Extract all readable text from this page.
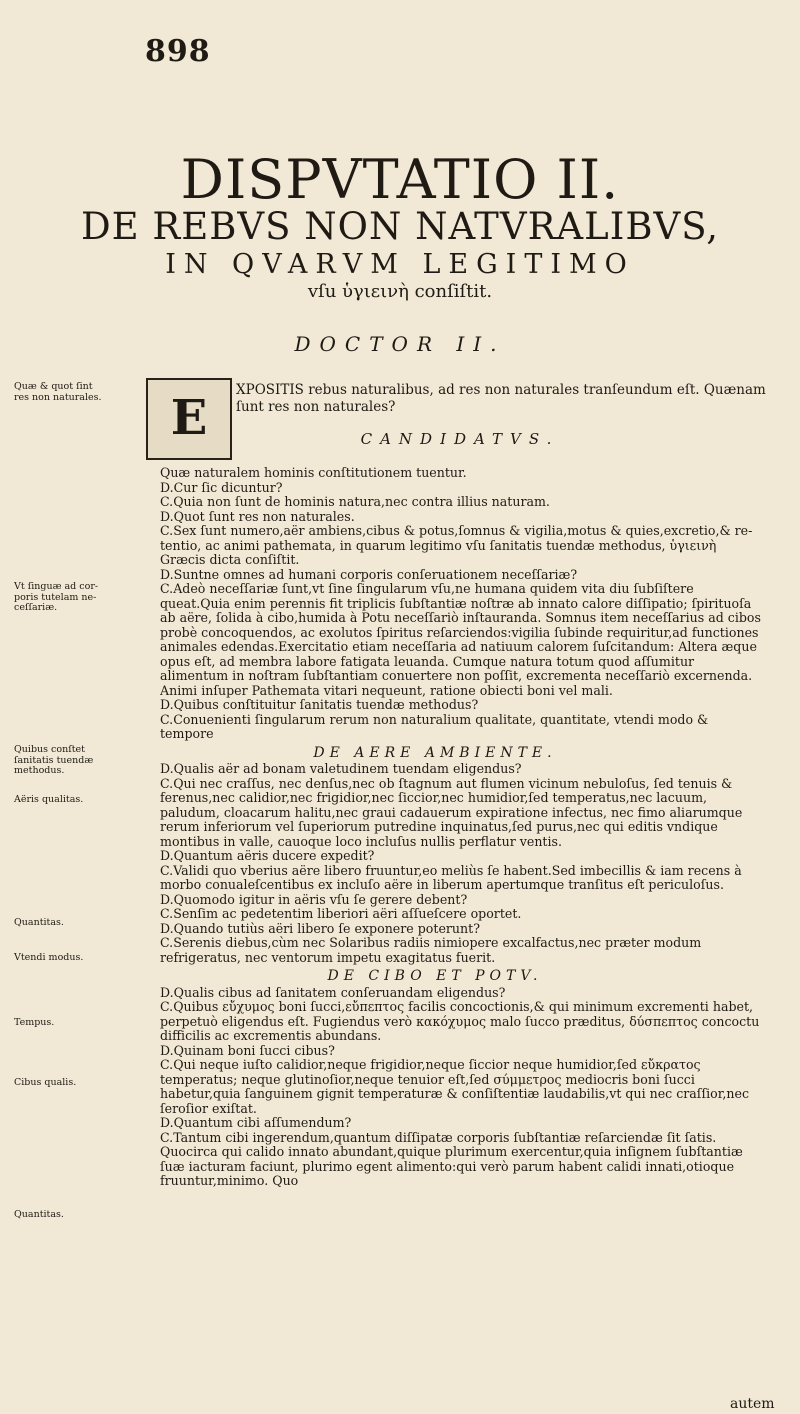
898
DISPVTATIO II.
DE REBVS NON NATVRALIBVS,
IN QVARVM LEGITIMO
vſu ὑγιεινὴ conſiſtit.
DOCTOR II.
E	XPOSITIS rebus naturalibus, ad res non naturales tranſeundum eſt. Quænam ſunt res non naturales?
CANDIDATVS.
Quæ & quot ſint res non naturales.
Vt ſinguæ ad corporis tutelam neceſſariæ.
Quibus conſtet ſanitatis tuendæ methodus.
Aëris qualitas.
Quantitas.
Vtendi modus.
Tempus.
Cibus qualis.
Quantitas.

Quæ naturalem hominis conſtitutionem tuentur.

D.Cur ſic dicuntur?

C.Quia non ſunt de hominis natura,nec contra illius naturam.

D.Quot ſunt res non naturales.

C.Sex ſunt numero,aër ambiens,cibus & potus,ſomnus & vigilia,motus & quies,excretio,& retentio, ac animi pathemata, in quarum legitimo vſu ſanitatis tuendæ methodus, ὑγιεινὴ Græcis dicta conſiſtit.

D.Suntne omnes ad humani corporis conſeruationem neceſſariæ?

C.Adeò neceſſariæ ſunt,vt ſine ſingularum vſu,ne humana quidem vita diu ſubſiſtere queat.Quia enim perennis fit triplicis ſubſtantiæ noſtræ ab innato calore diſſipatio; ſpirituoſa ab aëre, ſolida à cibo,humida à Potu neceſſariò inſtauranda. Somnus item neceſſarius ad cibos probè concoquendos, ac exolutos ſpiritus reſarciendos:vigilia ſubinde requiritur,ad functiones animales edendas.Exercitatio etiam neceſſaria ad natiuum calorem ſuſcitandum: Altera æque opus eſt, ad membra labore fatigata leuanda. Cumque natura totum quod aſſumitur alimentum in noſtram ſubſtantiam conuertere non poſſit, excrementa neceſſariò excernenda. Animi inſuper Pathemata vitari nequeunt, ratione obiecti boni vel mali.

D.Quibus conſtituitur ſanitatis tuendæ methodus?

C.Conuenienti ſingularum rerum non naturalium qualitate, quantitate, vtendi modo & tempore

DE AERE AMBIENTE.

D.Qualis aër ad bonam valetudinem tuendam eligendus?

C.Qui nec craſſus, nec denſus,nec ob ſtagnum aut flumen vicinum nebuloſus, ſed tenuis & ferenus,nec calidior,nec frigidior,nec ſiccior,nec humidior,ſed temperatus,nec lacuum, paludum, cloacarum halitu,nec graui cadauerum expiratione infectus, nec fimo aliarumque rerum inferiorum vel ſuperiorum putredine inquinatus,ſed purus,nec qui editis vndique montibus in valle, cauoque loco incluſus nullis perflatur ventis.

D.Quantum aëris ducere expedit?

C.Validi quo vberius aëre libero fruuntur,eo meliùs ſe habent.Sed imbecillis & iam recens à morbo conualeſcentibus ex incluſo aëre in liberum apertumque tranſitus eſt periculoſus.

D.Quomodo igitur in aëris vſu ſe gerere debent?

C.Senſim ac pedetentim liberiori aëri aſſueſcere oportet.

D.Quando tutiùs aëri libero ſe exponere poterunt?

C.Serenis diebus,cùm nec Solaribus radiis nimiopere excalfactus,nec præter modum refrigeratus, nec ventorum impetu exagitatus fuerit.

DE CIBO ET POTV.

D.Qualis cibus ad ſanitatem conſeruandam eligendus?

C.Quibus εὔχυμος boni ſucci,εὔπεπτος facilis concoctionis,& qui minimum excrementi habet, perpetuò eligendus eſt. Fugiendus verò κακόχυμος malo ſucco præditus, δύσπεπτος concoctu difficilis ac excrementis abundans.

D.Quinam boni ſucci cibus?

C.Qui neque iuſto calidior,neque frigidior,neque ſiccior neque humidior,ſed εὔκρατος temperatus; neque glutinoſior,neque tenuior eſt,ſed σύμμετρος mediocris boni ſucci habetur,quia ſanguinem gignit temperaturæ & conſiſtentiæ laudabilis,vt qui nec craſſior,nec ſeroſior exiſtat.

D.Quantum cibi aſſumendum?

C.Tantum cibi ingerendum,quantum diſſipatæ corporis ſubſtantiæ reſarciendæ ſit ſatis. Quocirca qui calido innato abundant,quique plurimum exercentur,quia inſignem ſubſtantiæ ſuæ iacturam faciunt, plurimo egent alimento:qui verò parum habent calidi innati,otioque fruuntur,minimo. Quo

autem
